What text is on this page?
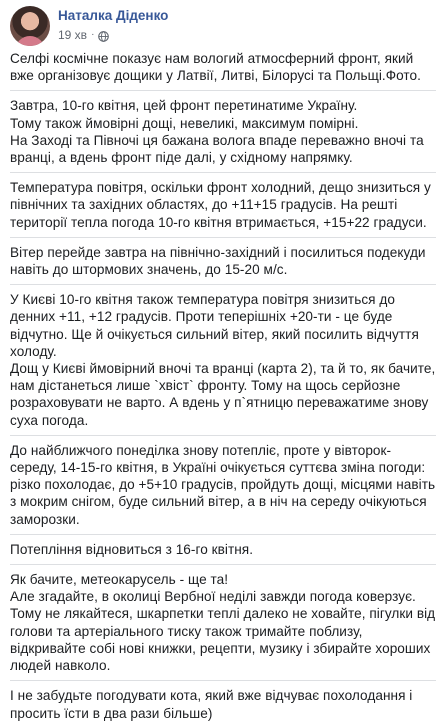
Наталка Діденко
19 хв ·

Селфі космічне показує нам вологий атмосферний фронт, який вже організовує дощики у Латвії, Литві, Білорусі та Польщі.Фото.

Завтра, 10-го квітня, цей фронт перетинатиме Україну.
Тому також ймовірні дощі, невеликі, максимум помірні.
На Заході та Півночі ця бажана волога впаде переважно вночі та вранці, а вдень фронт піде далі, у східному напрямку.

Температура повітря, оскільки фронт холодний, дещо знизиться у північних та західних областях, до +11+15 градусів. На решті території тепла погода 10-го квітня втримається, +15+22 градуси.

Вітер перейде завтра на північно-західний і посилиться подекуди навіть до штормових значень, до 15-20 м/с.

У Києві 10-го квітня також температура повітря знизиться до денних +11, +12 градусів. Проти теперішніх +20-ти - це буде відчутно. Ще й очікується сильний вітер, який посилить відчуття холоду.
Дощ у Києві ймовірний вночі та вранці (карта 2), та й то, як бачите, нам дістанеться лише `хвіст` фронту. Тому на щось серйозне розраховувати не варто. А вдень у п`ятницю переважатиме знову суха погода.

До найближчого понеділка знову потепліє, проте у вівторок-середу, 14-15-го квітня, в Україні очікується суттєва зміна погоди: різко похолодає, до +5+10 градусів, пройдуть дощі, місцями навіть з мокрим снігом, буде сильний вітер, а в ніч на середу очікуються заморозки.

Потепління відновиться з 16-го квітня.

Як бачите, метеокарусель - ще та!
Але згадайте, в околиці Вербної неділі завжди погода коверзує.
Тому не лякайтеся, шкарпетки теплі далеко не ховайте, пігулки від голови та артеріального тиску також тримайте поблизу, відкривайте собі нові книжки, рецепти, музику і збирайте хороших людей навколо.

І не забудьте погодувати кота, який вже відчуває похолодання і просить їсти в два рази більше)
